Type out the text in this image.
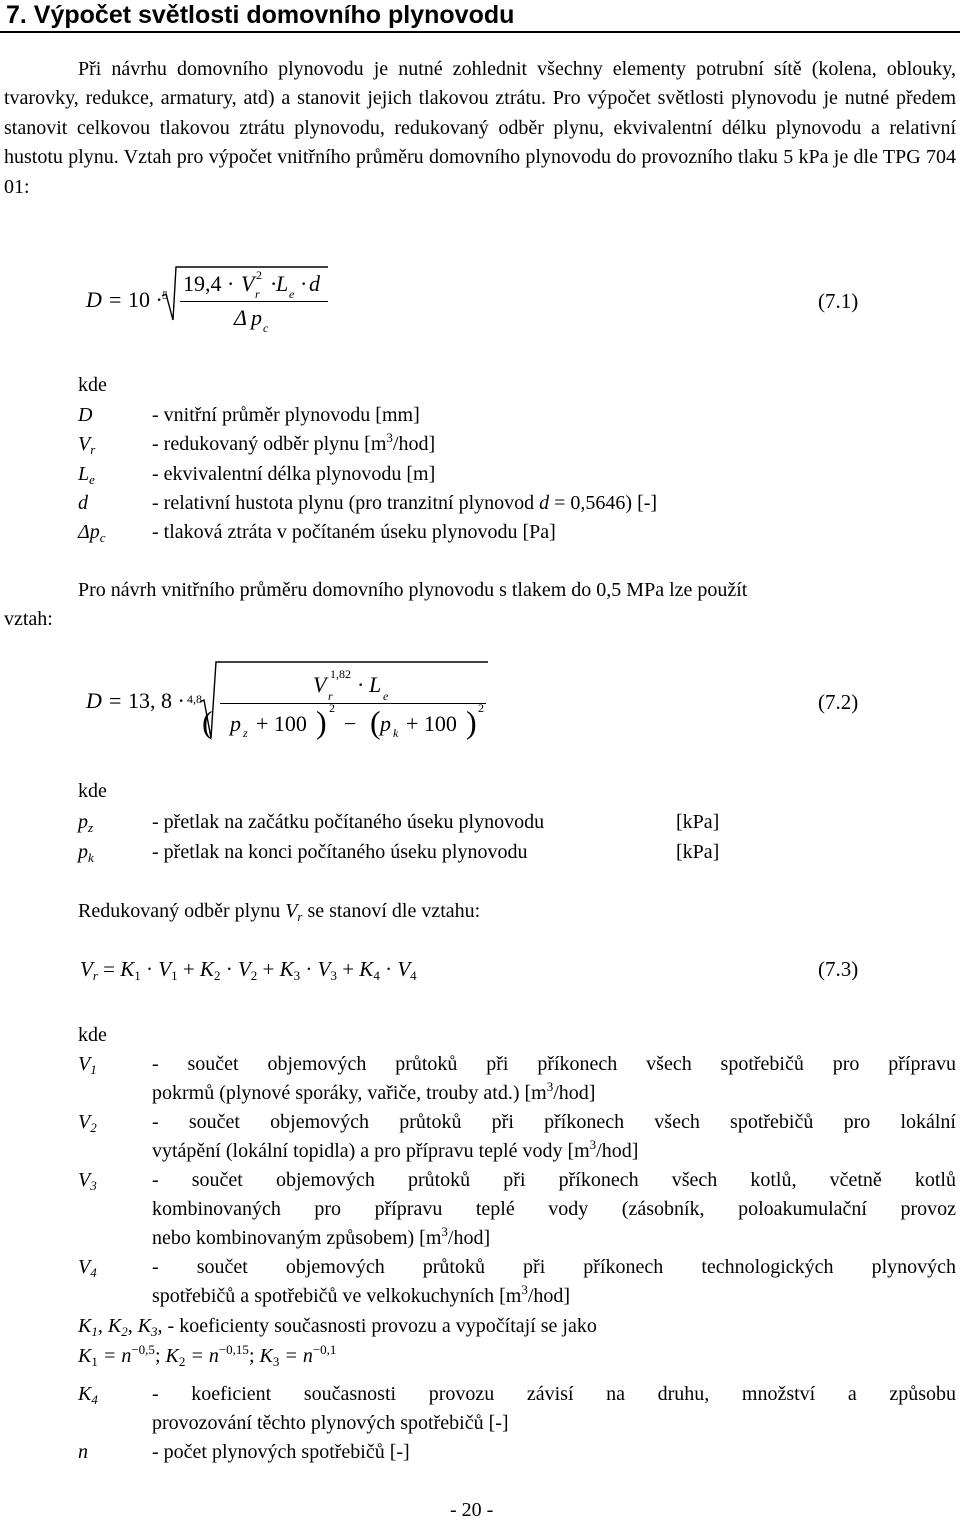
7. Výpočet světlosti domovního plynovodu
Při návrhu domovního plynovodu je nutné zohlednit všechny elementy potrubní sítě (kolena, oblouky, tvarovky, redukce, armatury, atd) a stanovit jejich tlakovou ztrátu. Pro výpočet světlosti plynovodu je nutné předem stanovit celkovou tlakovou ztrátu plynovodu, redukovaný odběr plynu, ekvivalentní délku plynovodu a relativní hustotu plynu. Vztah pro výpočet vnitřního průměru domovního plynovodu do provozního tlaku 5 kPa je dle TPG 704 01:
D = 10 · 5 19,4 · V 2
r ·
L e · d
Δ p c
(7.1)
kde
D	- vnitřní průměr plynovodu [mm]
$V_r$	- redukovaný odběr plynu $[m^3/hod]$
$L_e$	- ekvivalentní délka plynovodu [m]
d	- relativní hustota plynu (pro tranzitní plynovod d = 0,5646) [-]
$\Delta p_c$ - tlaková ztráta v počítaném úseku plynovodu [Pa]
Pro návrh vnitřního průměru domovního plynovodu s tlakem do 0,5 MPa lze použít
vztah:
D = 13, 8 · 4,8
V 1,82
r · L e
( p z + 100 ) 2
− ( p k + 100 ) 2	(7.2)
kde
$p_z$	- přetlak na začátku počítaného úseku plynovodu	[kPa]
$p_k$	- přetlak na konci počítaného úseku plynovodu	[kPa]
Redukovaný odběr plynu $V_r$ se stanoví dle vztahu:
$V_r = K_1 \cdot V_1 + K_2 \cdot V_2 + K_3 \cdot V_3 + K_4 \cdot V_4$	(7.3)
kde
$V_1$	- součet objemových průtoků při příkonech všech spotřebičů pro přípravu
pokrmů (plynové sporáky, vařiče, trouby atd.) $[m^3/hod]$
$V_2$	- součet objemových průtoků při příkonech všech spotřebičů pro lokální
vytápění (lokální topidla) a pro přípravu teplé vody $[m^3/hod]$
$V_3$	- součet objemových průtoků při příkonech všech kotlů, včetně kotlů
kombinovaných pro přípravu teplé vody (zásobník, poloakumulační provoz
nebo kombinovaným způsobem) $[m^3/hod]$
$V_4$	- součet objemových průtoků při příkonech technologických plynových
spotřebičů a spotřebičů ve velkokuchyních $[m^3/hod]$
$K_1$, $K_2$, $K_3$, - koeficienty současnosti provozu a vypočítají se jako
$K_1 = n^{-0,5}$; $K_2 = n^{-0,15}$; $K_3 = n^{-0,1}$
$K_4$	- koeficient současnosti provozu závisí na druhu, množství a způsobu
provozování těchto plynových spotřebičů [-]
n	- počet plynových spotřebičů [-]
- 20 -
